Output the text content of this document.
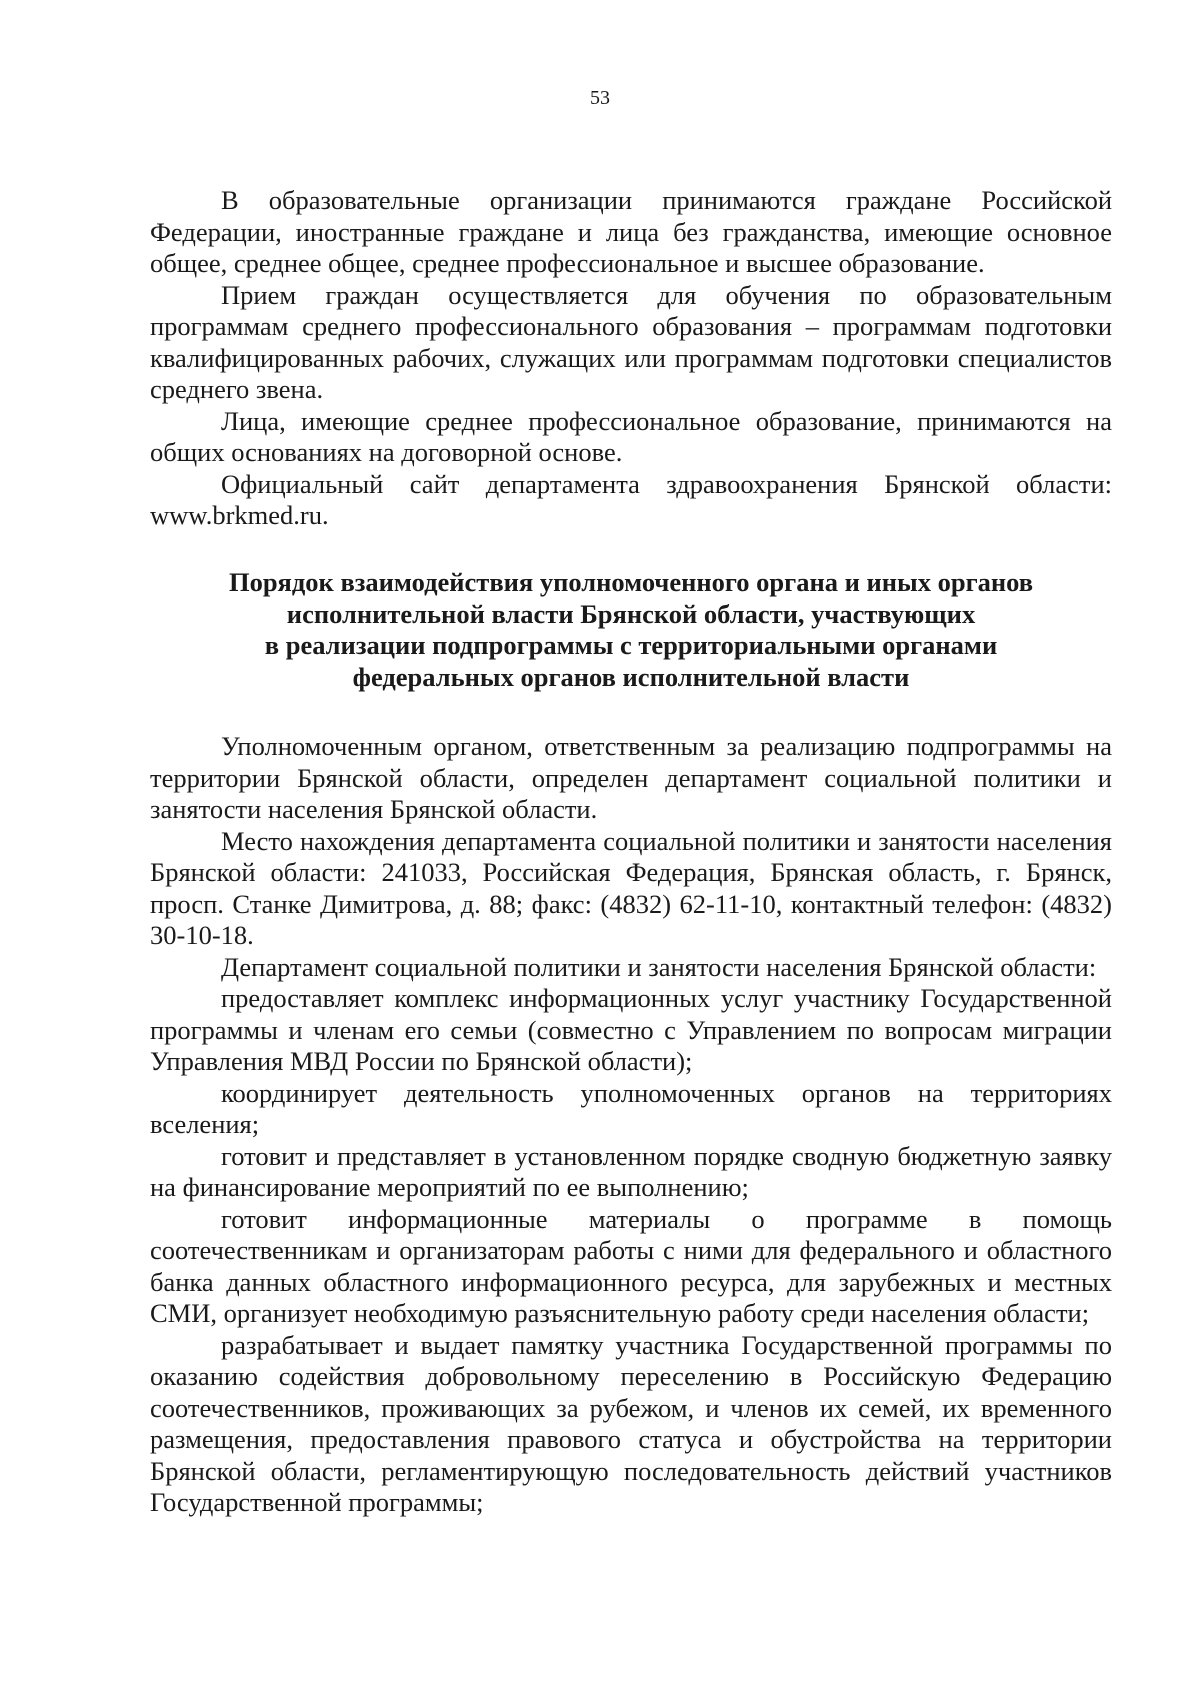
53

В образовательные организации принимаются граждане Российской Федерации, иностранные граждане и лица без гражданства, имеющие основное общее, среднее общее, среднее профессиональное и высшее образование.

Прием граждан осуществляется для обучения по образовательным программам среднего профессионального образования – программам подготовки квалифицированных рабочих, служащих или программам подготовки специалистов среднего звена.

Лица, имеющие среднее профессиональное образование, принимаются на общих основаниях на договорной основе.

Официальный сайт департамента здравоохранения Брянской области: www.brkmed.ru.

Порядок взаимодействия уполномоченного органа и иных органов
исполнительной власти Брянской области, участвующих
в реализации подпрограммы с территориальными органами
федеральных органов исполнительной власти

Уполномоченным органом, ответственным за реализацию подпрограммы на территории Брянской области, определен департамент социальной политики и занятости населения Брянской области.

Место нахождения департамента социальной политики и занятости населения Брянской области: 241033, Российская Федерация, Брянская область, г. Брянск, просп. Станке Димитрова, д. 88; факс: (4832) 62-11-10, контактный телефон: (4832) 30-10-18.

Департамент социальной политики и занятости населения Брянской области:

предоставляет комплекс информационных услуг участнику Государственной программы и членам его семьи (совместно с Управлением по вопросам миграции Управления МВД России по Брянской области);

координирует деятельность уполномоченных органов на территориях вселения;

готовит и представляет в установленном порядке сводную бюджетную заявку на финансирование мероприятий по ее выполнению;

готовит информационные материалы о программе в помощь соотечественникам и организаторам работы с ними для федерального и областного банка данных областного информационного ресурса, для зарубежных и местных СМИ, организует необходимую разъяснительную работу среди населения области;

разрабатывает и выдает памятку участника Государственной программы по оказанию содействия добровольному переселению в Российскую Федерацию соотечественников, проживающих за рубежом, и членов их семей, их временного размещения, предоставления правового статуса и обустройства на территории Брянской области, регламентирующую последовательность действий участников Государственной программы;
